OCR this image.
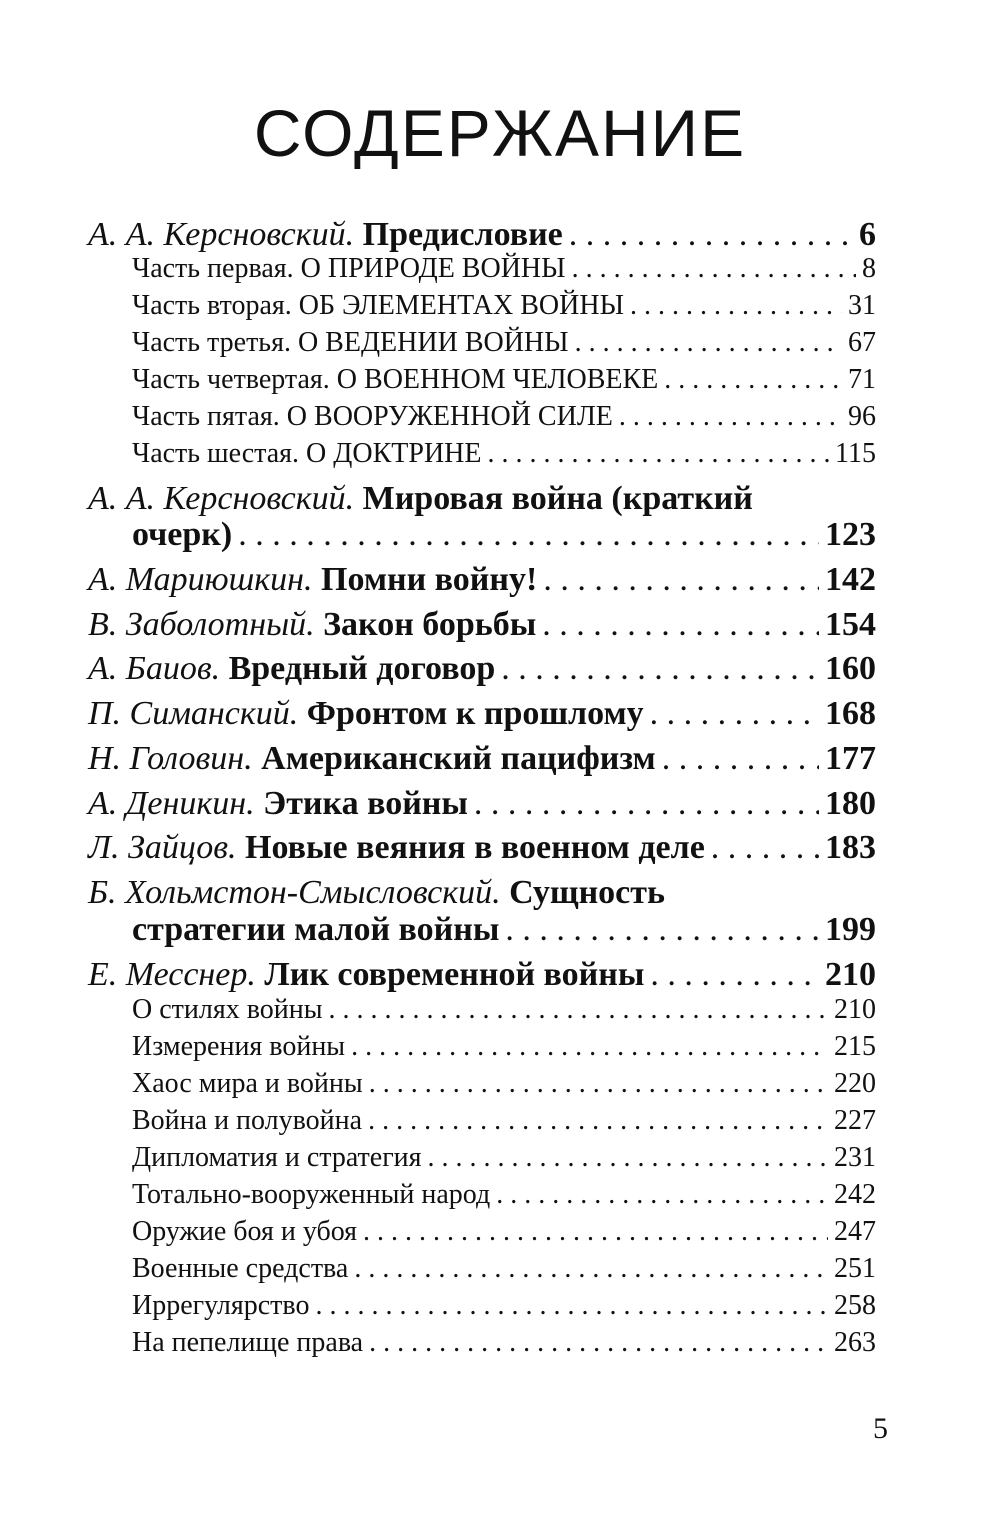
СОДЕРЖАНИЕ
А. А. Керсновский.
Предисловие . . .	6
Часть первая. О ПРИРОДЕ ВОЙНЫ . . .	8
Часть вторая. ОБ ЭЛЕМЕНТАХ ВОЙНЫ . . .	31
Часть третья. О ВЕДЕНИИ ВОЙНЫ . . .	67
Часть четвертая. О ВОЕННОМ ЧЕЛОВЕКЕ . . .	71
Часть пятая. О ВООРУЖЕННОЙ СИЛЕ . . .	96
Часть шестая. О ДОКТРИНЕ . . .	115
А. А. Керсновский.
Мировая война (краткий
очерк) . . .	123
А. Мариюшкин.
Помни войну! . . .	142
В. Заболотный.
Закон борьбы . . .	154
А. Баиов.
Вредный договор . . .	160
П. Симанский.
Фронтом к прошлому . . .	168
Н. Головин.
Американский пацифизм . . .	177
А. Деникин.
Этика войны . . .	180
Л. Зайцов.
Новые веяния в военном деле . . .	183
Б. Хольмстон-Смысловский.
Сущность
стратегии малой войны . . .	199
Е. Месснер.
Лик современной войны . . .	210
О стилях войны . . .	210
Измерения войны . . .	215
Хаос мира и войны . . .	220
Война и полувойна . . .	227
Дипломатия и стратегия . . .	231
Тотально-вооруженный народ . . .	242
Оружие боя и убоя . . .	247
Военные средства . . .	251
Иррегулярство . . .	258
На пепелище права . . .	263
5
